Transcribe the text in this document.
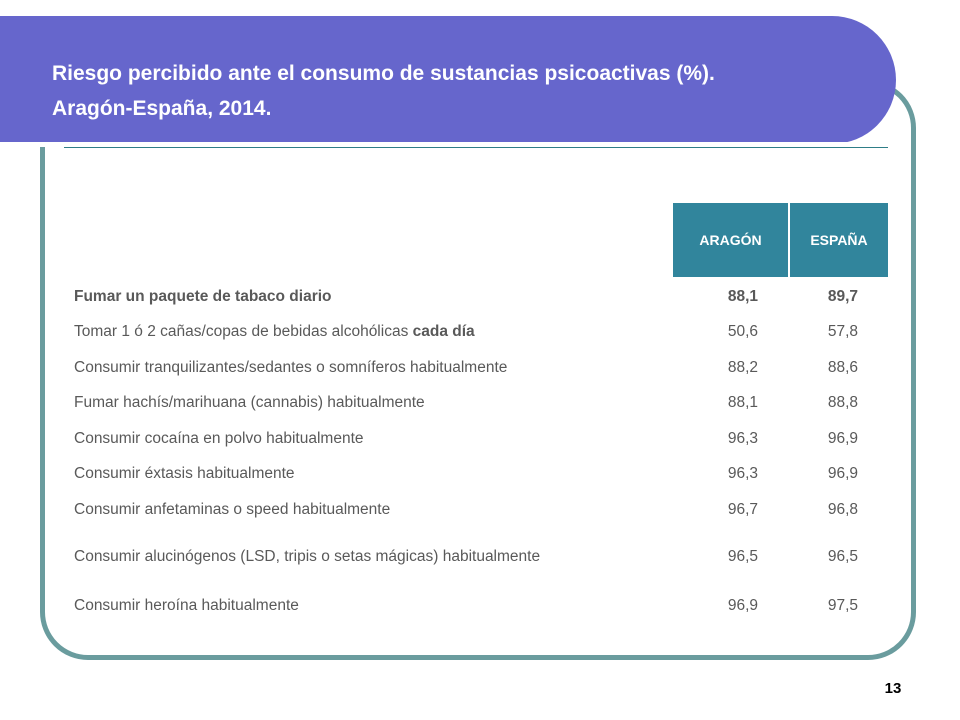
Riesgo percibido ante el consumo de sustancias psicoactivas (%).
Aragón-España, 2014.
ARAGÓN	ESPAÑA
Fumar un paquete de tabaco diario	88,1	89,7
Tomar 1 ó 2 cañas/copas de bebidas alcohólicas cada día	50,6	57,8
Consumir tranquilizantes/sedantes o somníferos habitualmente	88,2	88,6
Fumar hachís/marihuana (cannabis) habitualmente	88,1	88,8
Consumir cocaína en polvo habitualmente	96,3	96,9
Consumir éxtasis habitualmente	96,3	96,9
Consumir anfetaminas o speed habitualmente	96,7	96,8
Consumir alucinógenos (LSD, tripis o setas mágicas) habitualmente	96,5	96,5
Consumir heroína habitualmente	96,9	97,5
13
